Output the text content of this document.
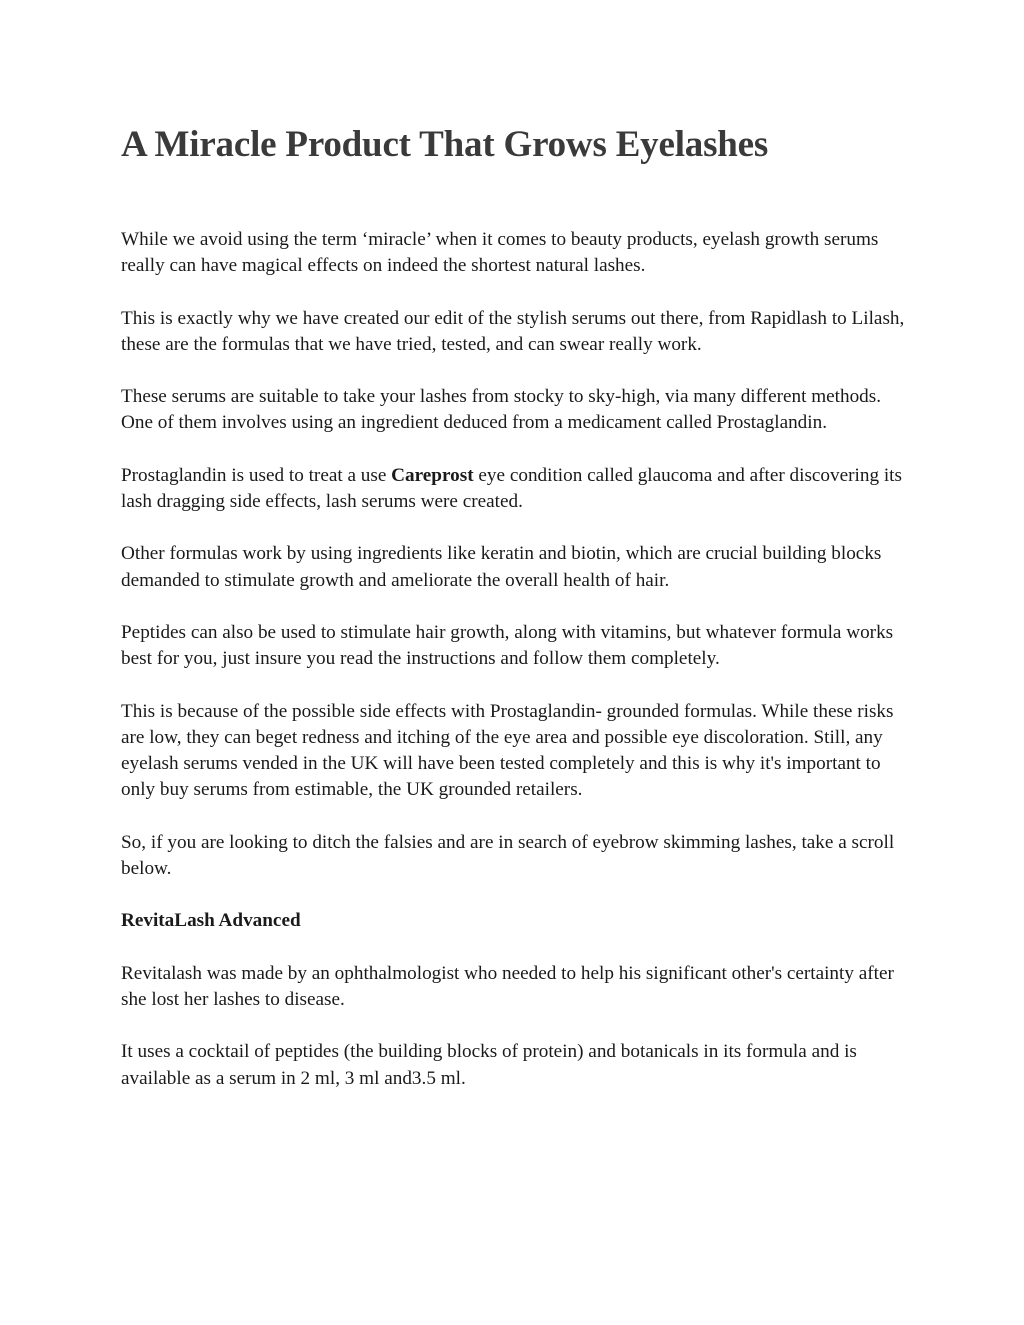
A Miracle Product That Grows Eyelashes

While we avoid using the term ‘miracle’ when it comes to beauty products, eyelash growth serums really can have magical effects on indeed the shortest natural lashes.

This is exactly why we have created our edit of the stylish serums out there, from Rapidlash to Lilash, these are the formulas that we have tried, tested, and can swear really work.

These serums are suitable to take your lashes from stocky to sky-high, via many different methods. One of them involves using an ingredient deduced from a medicament called Prostaglandin.

Prostaglandin is used to treat a use Careprost eye condition called glaucoma and after discovering its lash dragging side effects, lash serums were created.

Other formulas work by using ingredients like keratin and biotin, which are crucial building blocks demanded to stimulate growth and ameliorate the overall health of hair.

Peptides can also be used to stimulate hair growth, along with vitamins, but whatever formula works best for you, just insure you read the instructions and follow them completely.

This is because of the possible side effects with Prostaglandin- grounded formulas. While these risks are low, they can beget redness and itching of the eye area and possible eye discoloration. Still, any eyelash serums vended in the UK will have been tested completely and this is why it's important to only buy serums from estimable, the UK grounded retailers.

So, if you are looking to ditch the falsies and are in search of eyebrow skimming lashes, take a scroll below.

RevitaLash Advanced

Revitalash was made by an ophthalmologist who needed to help his significant other's certainty after she lost her lashes to disease.

It uses a cocktail of peptides (the building blocks of protein) and botanicals in its formula and is available as a serum in 2 ml, 3 ml and3.5 ml.
